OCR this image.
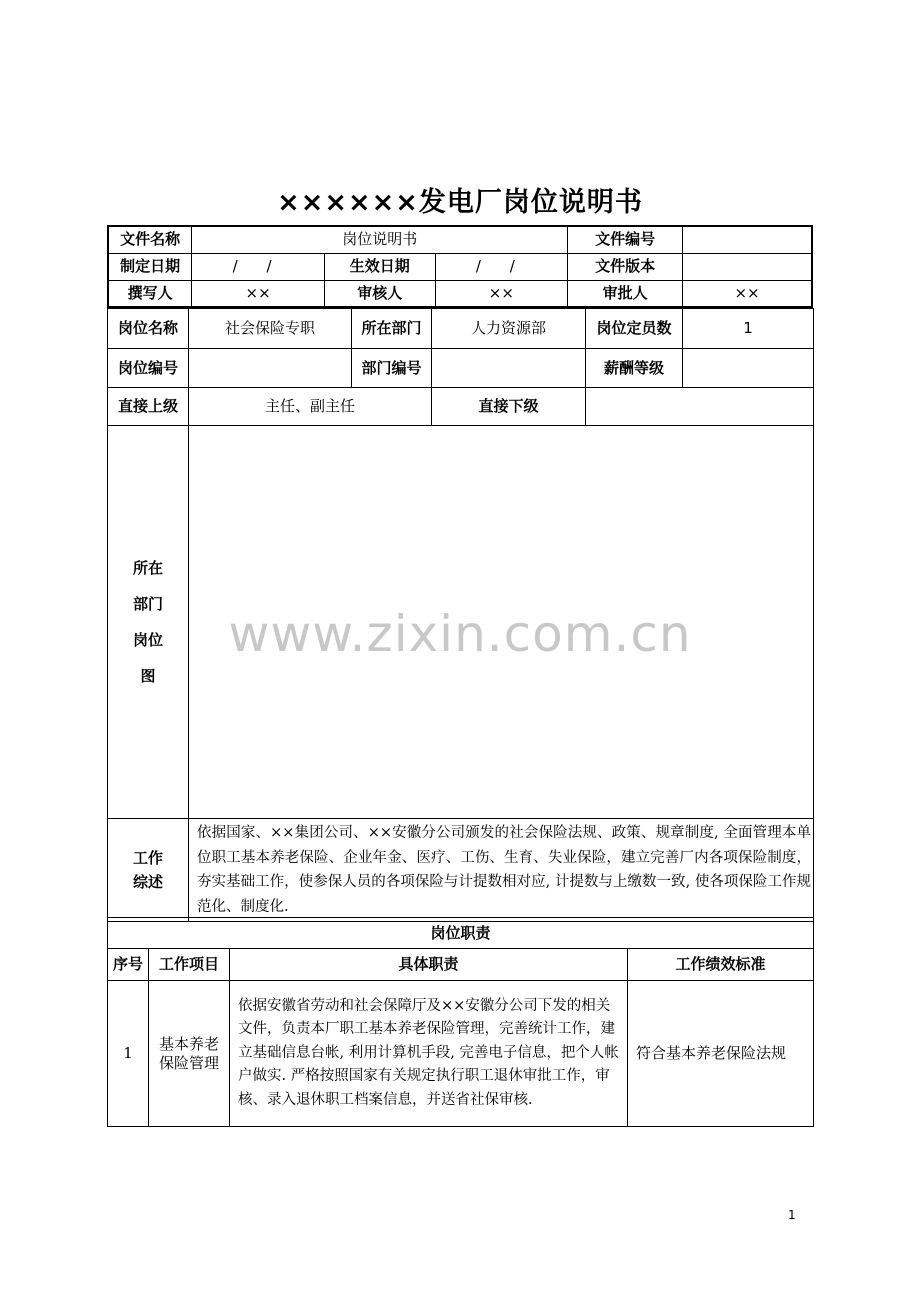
××××××发电厂岗位说明书
文件名称	岗位说明书			文件编号	
制定日期	/ /	生效日期	/ /	文件版本	
撰写人	××	审核人	××	审批人	××
岗位名称	社会保险专职	所在部门	人力资源部	岗位定员数	1
岗位编号		部门编号		薪酬等级	
直接上级	主任、副主任		直接下级		

所在
部门
岗位
图					

工作
综述	依据国家、××集团公司、××安徽分公司颁发的社会保险法规、政策、规章制度, 全面管理本单位职工基本养老保险、企业年金、医疗、工伤、生育、失业保险，建立完善厂内各项保险制度，夯实基础工作，使参保人员的各项保险与计提数相对应, 计提数与上缴数一致, 使各项保险工作规范化、制度化.				
岗位职责			
序号	工作项目	具体职责	工作绩效标准
1	基本养老保险管理	依据安徽省劳动和社会保障厅及××安徽分公司下发的相关文件，负责本厂职工基本养老保险管理，完善统计工作，建立基础信息台帐, 利用计算机手段, 完善电子信息，把个人帐户做实. 严格按照国家有关规定执行职工退休审批工作，审核、录入退休职工档案信息，并送省社保审核.	符合基本养老保险法规
www.zixin.com.cn
1
